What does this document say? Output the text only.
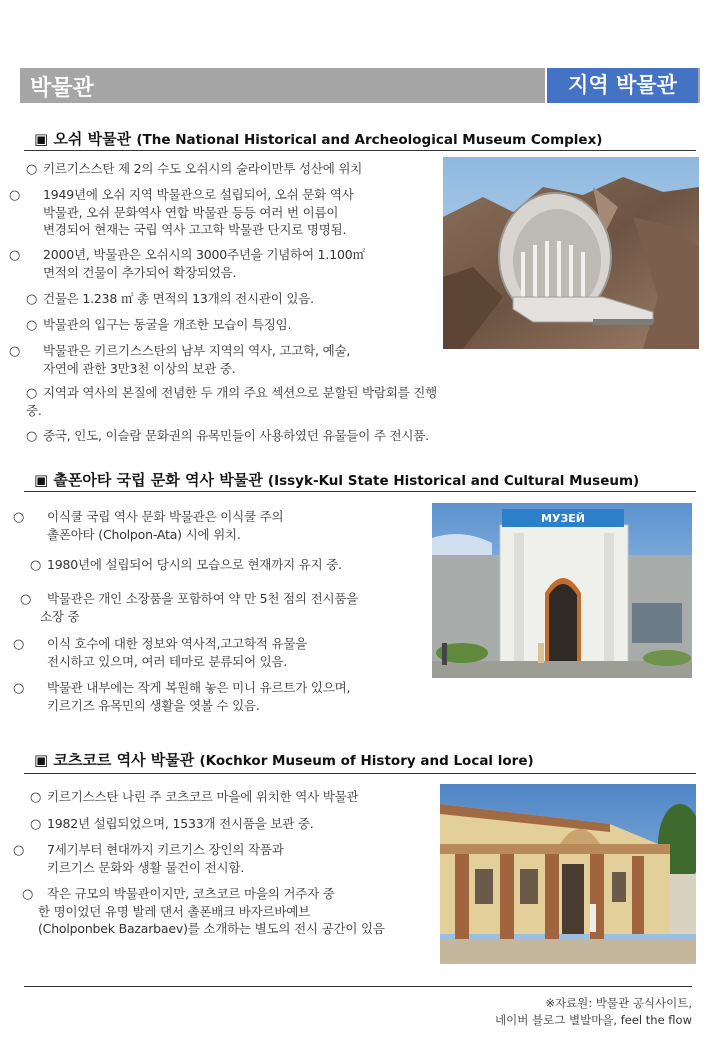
박물관	지역 박물관
▣ 오쉬 박물관 (The National Historical and Archeological Museum Complex)
○ 키르기스스탄 제 2의 수도 오쉬시의 술라이만투 성산에 위치
○ 1949년에 오쉬 지역 박물관으로 설립되어, 오쉬 문화 역사
박물관, 오쉬 문화역사 연합 박물관 등등 여러 번 이름이
변경되어 현재는 국립 역사 고고학 박물관 단지로 명명됨.
○ 2000년, 박물관은 오쉬시의 3000주년을 기념하여 1.100㎡
면적의 건물이 추가되어 확장되었음.
○ 건물은 1.238 ㎡ 총 면적의 13개의 전시관이 있음.
○ 박물관의 입구는 동굴을 개조한 모습이 특징임.
○ 박물관은 키르기스스탄의 남부 지역의 역사, 고고학, 예술,
자연에 관한 3만3천 이상의 보관 중.
○ 지역과 역사의 본질에 전념한 두 개의 주요 섹션으로 분할된 박람회를 진행 중.
○ 중국, 인도, 이슬람 문화권의 유목민들이 사용하였던 유물들이 주 전시품.
▣ 촐폰아타 국립 문화 역사 박물관 (Issyk-Kul State Historical and Cultural Museum)
○ 이식쿨 국립 역사 문화 박물관은 이식쿨 주의
촐폰아타 (Cholpon-Ata) 시에 위치.
○ 1980년에 설립되어 당시의 모습으로 현재까지 유지 중.
○ 박물관은 개인 소장품을 포함하여 약 만 5천 점의 전시품을
소장 중
○ 이식 호수에 대한 정보와 역사적,고고학적 유물을
전시하고 있으며, 여러 테마로 분류되어 있음.
○ 박물관 내부에는 작게 복원해 놓은 미니 유르트가 있으며,
키르기즈 유목민의 생활을 엿볼 수 있음.
МУЗЕЙ
▣ 코츠코르 역사 박물관 (Kochkor Museum of History and Local lore)
○ 키르기스스탄 나린 주 코츠코르 마을에 위치한 역사 박물관
○ 1982년 설립되었으며, 1533개 전시품을 보관 중.
○ 7세기부터 현대까지 키르기스 장인의 작품과
키르기스 문화와 생활 물건이 전시함.
○ 작은 규모의 박물관이지만, 코츠코르 마을의 거주자 중
한 명이었던 유명 발레 댄서 촐폰배크 바자르바예브
(Cholponbek Bazarbaev)를 소개하는 별도의 전시 공간이 있음
※자료원: 박물관 공식사이트,
네이버 블로그 별발마을, feel the flow
